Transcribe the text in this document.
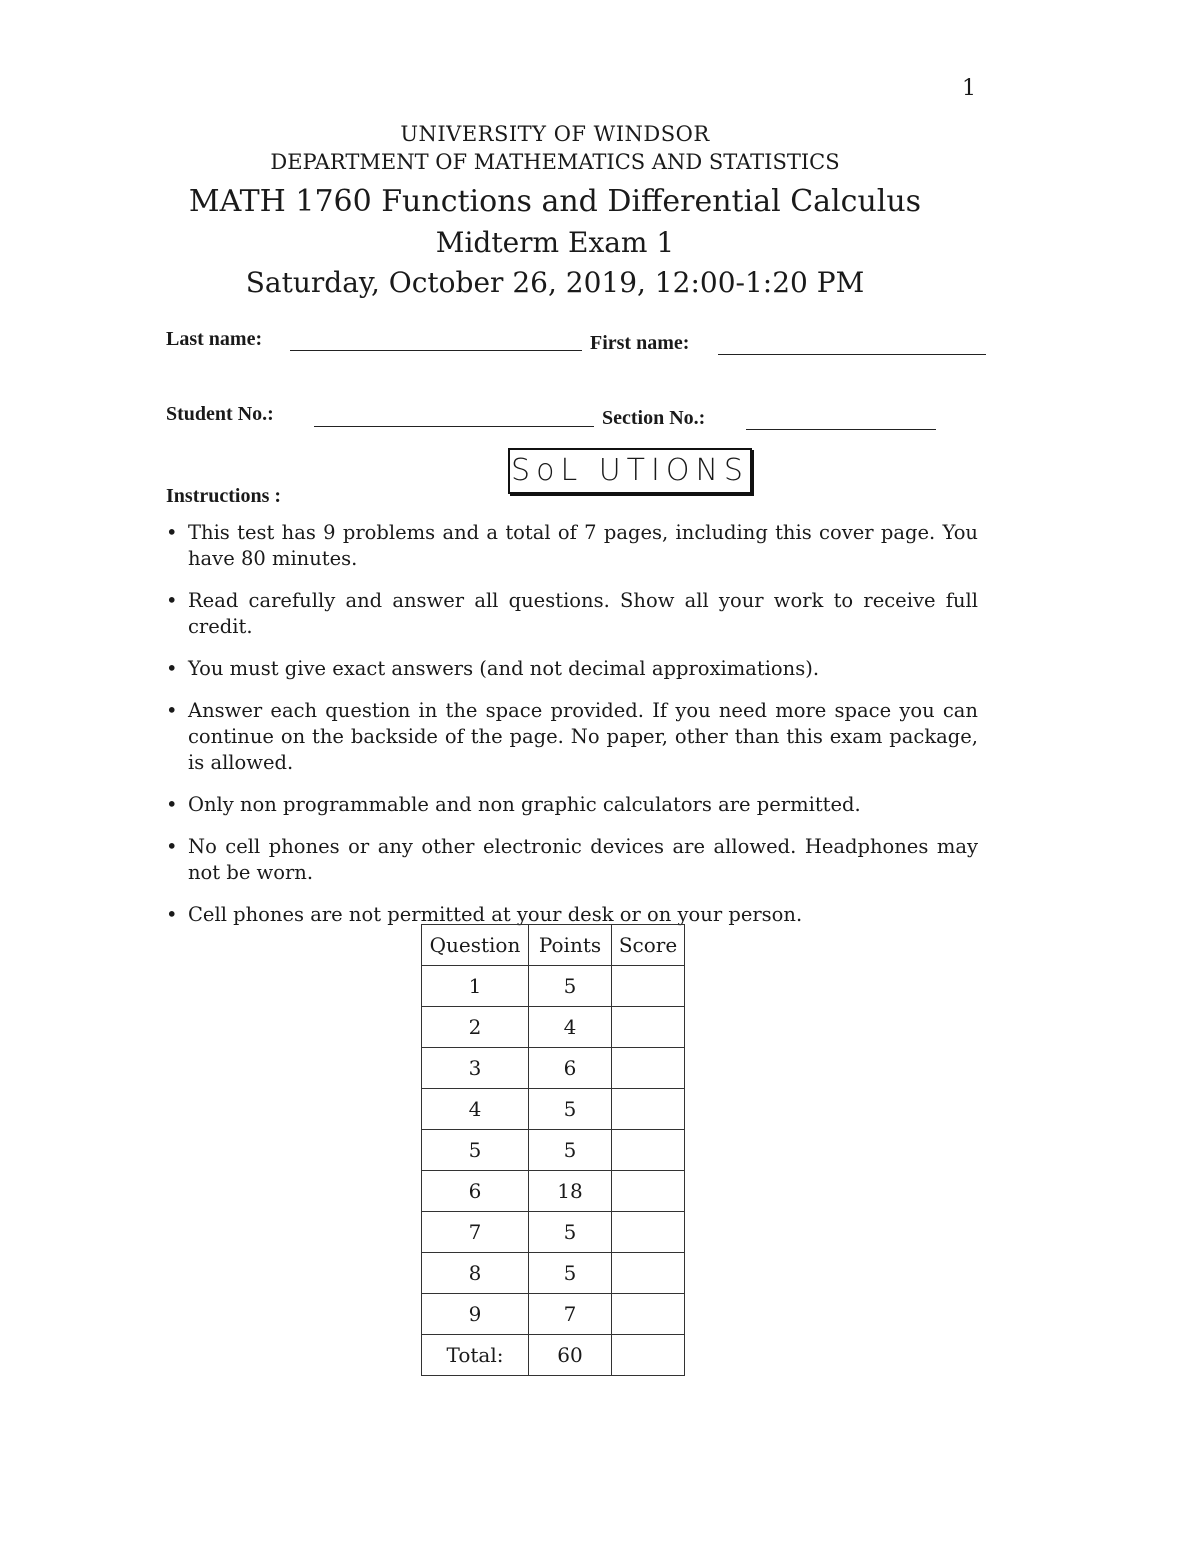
1
UNIVERSITY OF WINDSOR
DEPARTMENT OF MATHEMATICS AND STATISTICS
MATH 1760 Functions and Differential Calculus
Midterm Exam 1
Saturday, October 26, 2019, 12:00-1:20 PM
Last name:	First name:
Student No.:	Section No.:
SoL UTIONS
Instructions :
• This test has 9 problems and a total of 7 pages, including this cover page. You have 80 minutes.
• Read carefully and answer all questions. Show all your work to receive full credit.
• You must give exact answers (and not decimal approximations).
• Answer each question in the space provided. If you need more space you can continue on the backside of the page. No paper, other than this exam package, is allowed.
• Only non programmable and non graphic calculators are permitted.
• No cell phones or any other electronic devices are allowed. Headphones may not be worn.
• Cell phones are not permitted at your desk or on your person.
Question	Points	Score
1	5	
2	4	
3	6	
4	5	
5	5	
6	18	
7	5	
8	5	
9	7	
Total:	60	
